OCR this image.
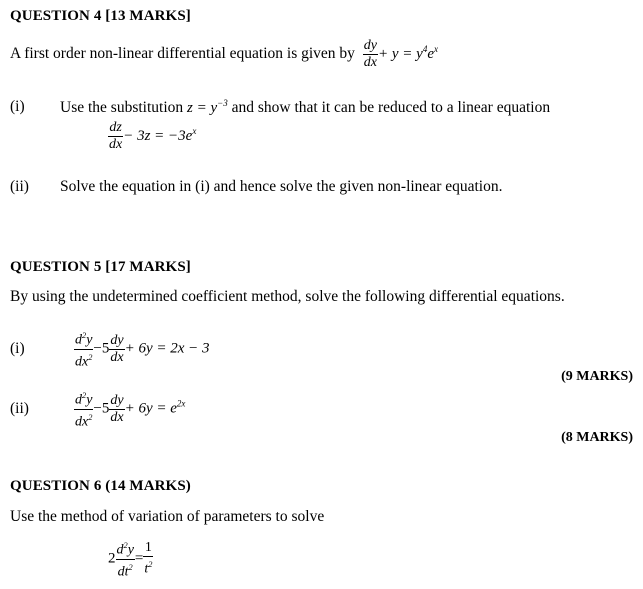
QUESTION 4 [13 MARKS]
A first order non-linear differential equation is given by $\frac{dy}{dx} + y = y^4e^x$
(i) Use the substitution $z = y^{-3}$ and show that it can be reduced to a linear equation
$\frac{dz}{dx} - 3z = -3e^x$
(ii) Solve the equation in (i) and hence solve the given non-linear equation.
QUESTION 5 [17 MARKS]
By using the undetermined coefficient method, solve the following differential equations.
(i)	$\frac{d^2y}{dx^2} -5 \frac{dy}{dx} + 6y = 2x - 3$
(9 MARKS)
(ii)	$\frac{d^2y}{dx^2} -5 \frac{dy}{dx} + 6y = e^{2x}$
(8 MARKS)
QUESTION 6 (14 MARKS)
Use the method of variation of parameters to solve
$2 \frac{d^2y}{dt^2} = \frac{1}{t^2}$
